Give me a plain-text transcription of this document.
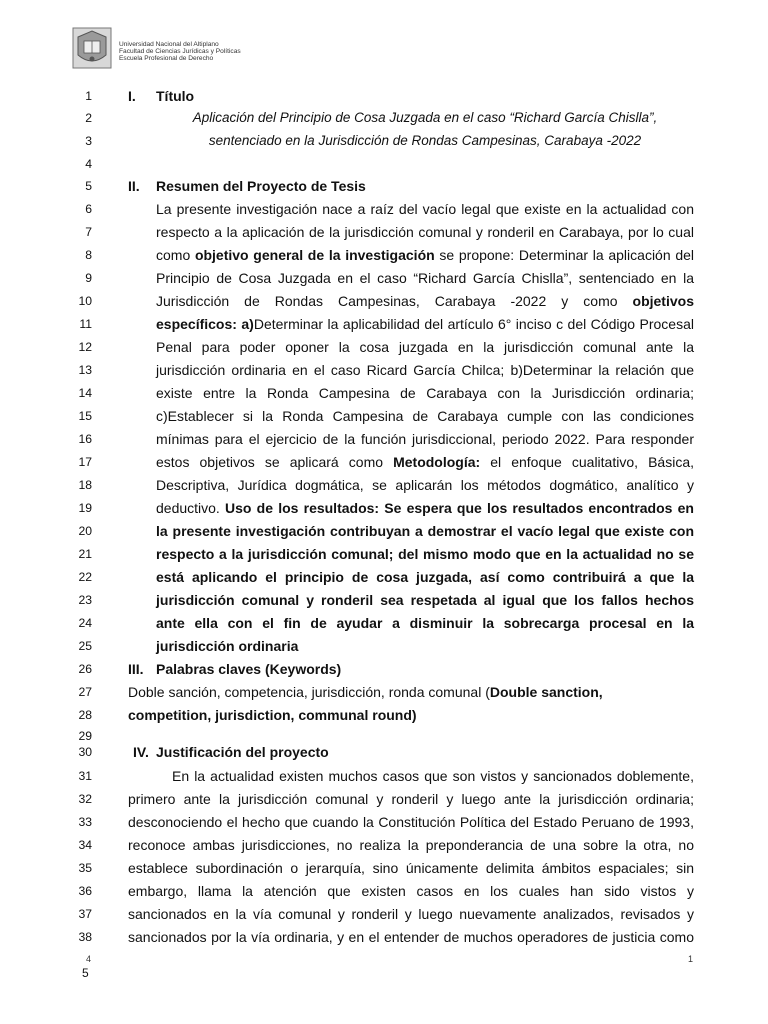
Universidad Nacional del Altiplano
Facultad de Ciencias Jurídicas y Políticas
Escuela Profesional de Derecho
1
2
3
4
5
6
7
8
9
10
11
12
13
14
15
16
17
18
19
20
21
22
23
24
25
26
27
28
29
30
31
32
33
34
35
36
37
38
I. Título
Aplicación del Principio de Cosa Juzgada en el caso “Richard García Chislla”,
sentenciado en la Jurisdicción de Rondas Campesinas, Carabaya -2022
II. Resumen del Proyecto de Tesis
La presente investigación nace a raíz del vacío legal que existe en la actualidad con
respecto a la aplicación de la jurisdicción comunal y ronderil en Carabaya, por lo cual
como objetivo general de la investigación se propone: Determinar la aplicación del
Principio de Cosa Juzgada en el caso “Richard García Chislla”, sentenciado en la
Jurisdicción de Rondas Campesinas, Carabaya -2022 y como objetivos
específicos: a)Determinar la aplicabilidad del artículo 6° inciso c del Código Procesal
Penal para poder oponer la cosa juzgada en la jurisdicción comunal ante la
jurisdicción ordinaria en el caso Ricard García Chilca; b)Determinar la relación que
existe entre la Ronda Campesina de Carabaya con la Jurisdicción ordinaria;
c)Establecer si la Ronda Campesina de Carabaya cumple con las condiciones
mínimas para el ejercicio de la función jurisdiccional, periodo 2022. Para responder
estos objetivos se aplicará como Metodología: el enfoque cualitativo, Básica,
Descriptiva, Jurídica dogmática, se aplicarán los métodos dogmático, analítico y
deductivo. Uso de los resultados: Se espera que los resultados encontrados en
la presente investigación contribuyan a demostrar el vacío legal que existe con
respecto a la jurisdicción comunal; del mismo modo que en la actualidad no se
está aplicando el principio de cosa juzgada, así como contribuirá a que la
jurisdicción comunal y ronderil sea respetada al igual que los fallos hechos
ante ella con el fin de ayudar a disminuir la sobrecarga procesal en la
jurisdicción ordinaria
III. Palabras claves (Keywords)
Doble sanción, competencia, jurisdicción, ronda comunal (Double sanction,
competition, jurisdiction, communal round)
IV. Justificación del proyecto
En la actualidad existen muchos casos que son vistos y sancionados doblemente,
primero ante la jurisdicción comunal y ronderil y luego ante la jurisdicción ordinaria;
desconociendo el hecho que cuando la Constitución Política del Estado Peruano de 1993,
reconoce ambas jurisdicciones, no realiza la preponderancia de una sobre la otra, no
establece subordinación o jerarquía, sino únicamente delimita ámbitos espaciales; sin
embargo, llama la atención que existen casos en los cuales han sido vistos y
sancionados en la vía comunal y ronderil y luego nuevamente analizados, revisados y
sancionados por la vía ordinaria, y en el entender de muchos operadores de justicia como
4
5
1
